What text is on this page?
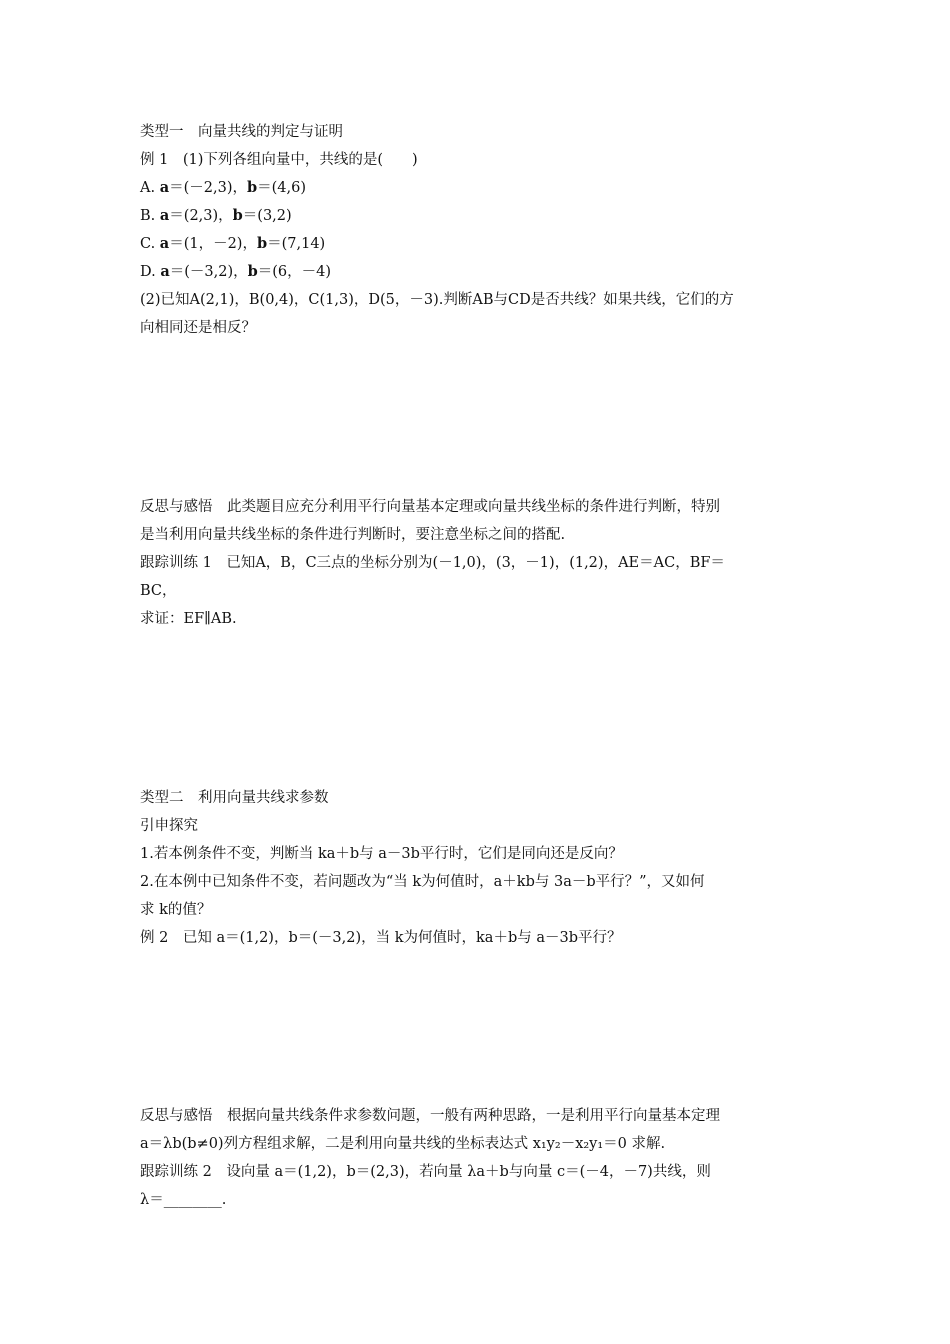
类型一　向量共线的判定与证明
例 1　(1)下列各组向量中，共线的是(　　)
A. a＝(－2,3)，b＝(4,6)
B. a＝(2,3)，b＝(3,2)
C. a＝(1，－2)，b＝(7,14)
D. a＝(－3,2)，b＝(6，－4)
(2)已知A(2,1)，B(0,4)，C(1,3)，D(5，－3).判断AB与CD是否共线？如果共线，它们的方
向相同还是相反？
反思与感悟　此类题目应充分利用平行向量基本定理或向量共线坐标的条件进行判断，特别
是当利用向量共线坐标的条件进行判断时，要注意坐标之间的搭配.
跟踪训练 1　已知A，B，C三点的坐标分别为(－1,0)，(3，－1)，(1,2)，AE＝AC，BF＝
BC，
求证：EF∥AB.
类型二　利用向量共线求参数
引申探究
1.若本例条件不变，判断当 ka＋b与 a－3b平行时，它们是同向还是反向？
2.在本例中已知条件不变，若问题改为“当 k为何值时，a＋kb与 3a－b平行？”，又如何
求 k的值？
例 2　已知 a＝(1,2)，b＝(－3,2)，当 k为何值时，ka＋b与 a－3b平行？
反思与感悟　根据向量共线条件求参数问题，一般有两种思路，一是利用平行向量基本定理
a＝λb(b≠0)列方程组求解，二是利用向量共线的坐标表达式 x₁y₂－x₂y₁＝0 求解.
跟踪训练 2　设向量 a＝(1,2)，b＝(2,3)，若向量 λa＋b与向量 c＝(－4，－7)共线，则
λ＝________.
